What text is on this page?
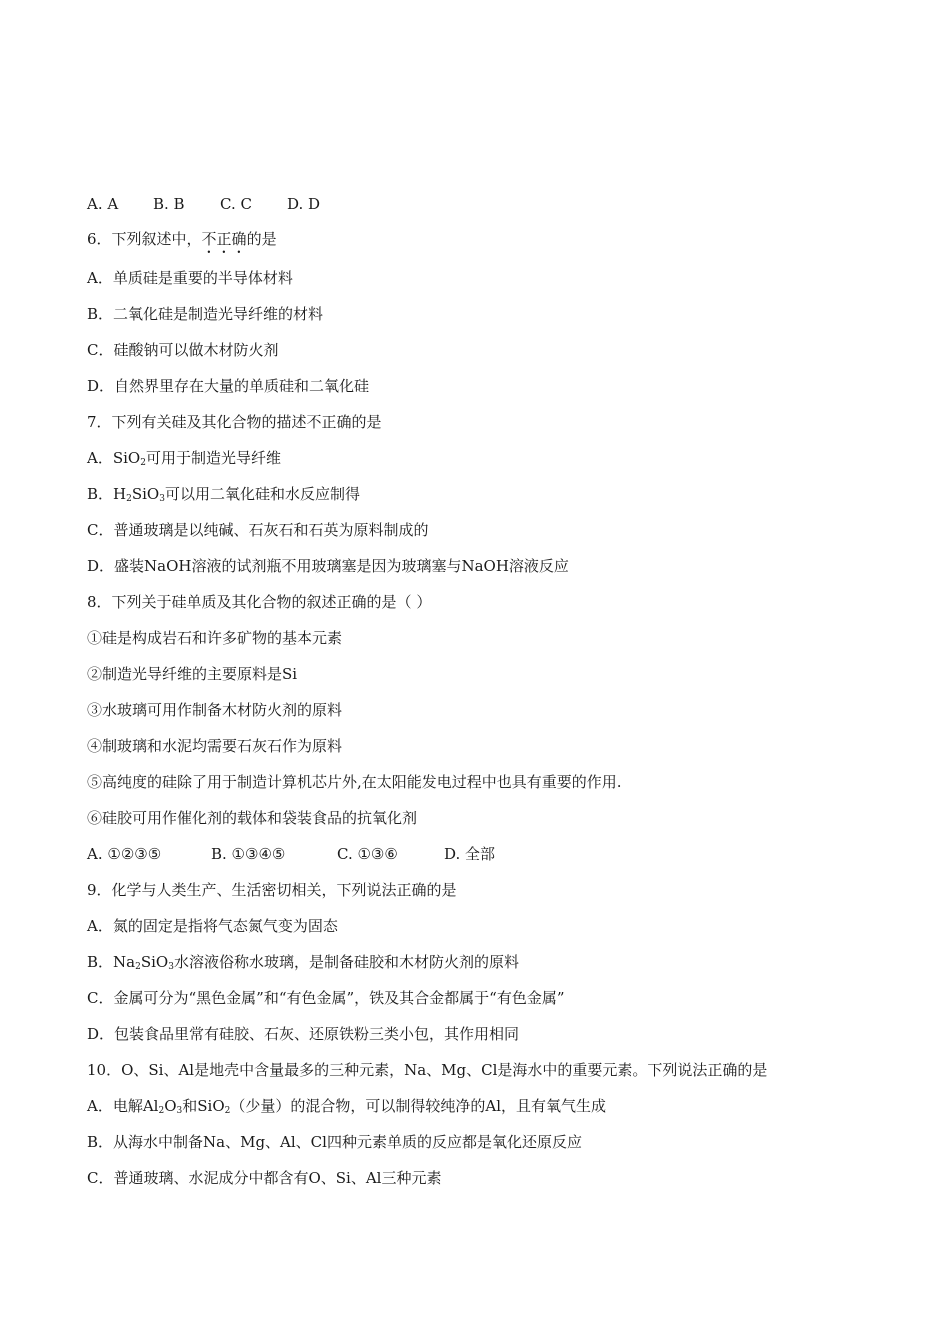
A. A B. B C. C D. D
6．下列叙述中，不正确的是
A．单质硅是重要的半导体材料
B．二氧化硅是制造光导纤维的材料
C．硅酸钠可以做木材防火剂
D．自然界里存在大量的单质硅和二氧化硅
7．下列有关硅及其化合物的描述不正确的是
A．SiO$_2$可用于制造光导纤维
B．$H_2SiO_3$可以用二氧化硅和水反应制得
C．普通玻璃是以纯碱、石灰石和石英为原料制成的
D．盛装NaOH溶液的试剂瓶不用玻璃塞是因为玻璃塞与NaOH溶液反应
8．下列关于硅单质及其化合物的叙述正确的是（ ）
①硅是构成岩石和许多矿物的基本元素
②制造光导纤维的主要原料是Si
③水玻璃可用作制备木材防火剂的原料
④制玻璃和水泥均需要石灰石作为原料
⑤高纯度的硅除了用于制造计算机芯片外,在太阳能发电过程中也具有重要的作用.
⑥硅胶可用作催化剂的载体和袋装食品的抗氧化剂
A. ①②③⑤	B. ①③④⑤	C. ①③⑥	D. 全部
9．化学与人类生产、生活密切相关，下列说法正确的是
A．氮的固定是指将气态氮气变为固态
B．$Na_2SiO_3$水溶液俗称水玻璃，是制备硅胶和木材防火剂的原料
C．金属可分为“黑色金属”和“有色金属”，铁及其合金都属于“有色金属”
D．包装食品里常有硅胶、石灰、还原铁粉三类小包，其作用相同
10．O、Si、Al是地壳中含量最多的三种元素，Na、Mg、Cl是海水中的重要元素。下列说法正确的是
A．电解$Al_2O_3$和SiO$_2$（少量）的混合物，可以制得较纯净的Al，且有氧气生成
B．从海水中制备Na、Mg、Al、Cl四种元素单质的反应都是氧化还原反应
C．普通玻璃、水泥成分中都含有O、Si、Al三种元素
